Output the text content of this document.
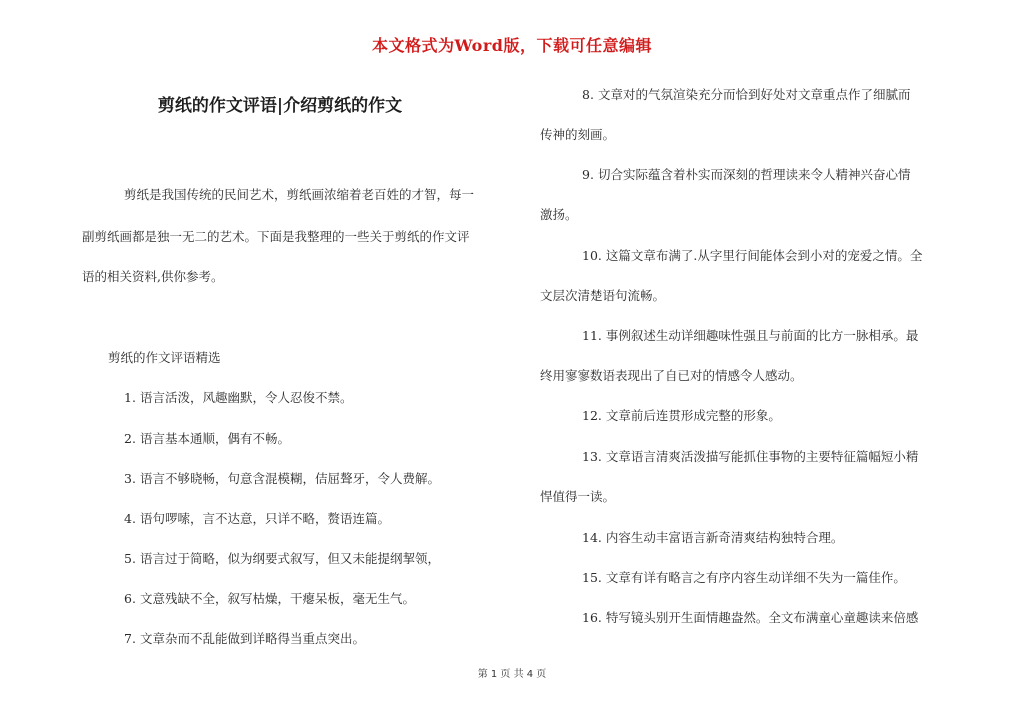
本文格式为Word版，下载可任意编辑
剪纸的作文评语|介绍剪纸的作文
剪纸是我国传统的民间艺术，剪纸画浓缩着老百姓的才智，每一
副剪纸画都是独一无二的艺术。下面是我整理的一些关于剪纸的作文评
语的相关资料,供你参考。
剪纸的作文评语精选
1. 语言活泼，风趣幽默，令人忍俊不禁。
2. 语言基本通顺，偶有不畅。
3. 语言不够晓畅，句意含混模糊，佶屈聱牙，令人费解。
4. 语句啰嗦，言不达意，只详不略，赘语连篇。
5. 语言过于简略，似为纲要式叙写，但又未能提纲挈领，
6. 文意残缺不全，叙写枯燥，干瘪呆板，毫无生气。
7. 文章杂而不乱能做到详略得当重点突出。
8. 文章对的气氛渲染充分而恰到好处对文章重点作了细腻而
传神的刻画。
9. 切合实际蕴含着朴实而深刻的哲理读来令人精神兴奋心情
激扬。
10. 这篇文章布满了.从字里行间能体会到小对的宠爱之情。全
文层次清楚语句流畅。
11. 事例叙述生动详细趣味性强且与前面的比方一脉相承。最
终用寥寥数语表现出了自已对的情感令人感动。
12. 文章前后连贯形成完整的形象。
13. 文章语言清爽活泼描写能抓住事物的主要特征篇幅短小精
悍值得一读。
14. 内容生动丰富语言新奇清爽结构独特合理。
15. 文章有详有略言之有序内容生动详细不失为一篇佳作。
16. 特写镜头别开生面情趣盎然。全文布满童心童趣读来倍感
第 1 页 共 4 页
